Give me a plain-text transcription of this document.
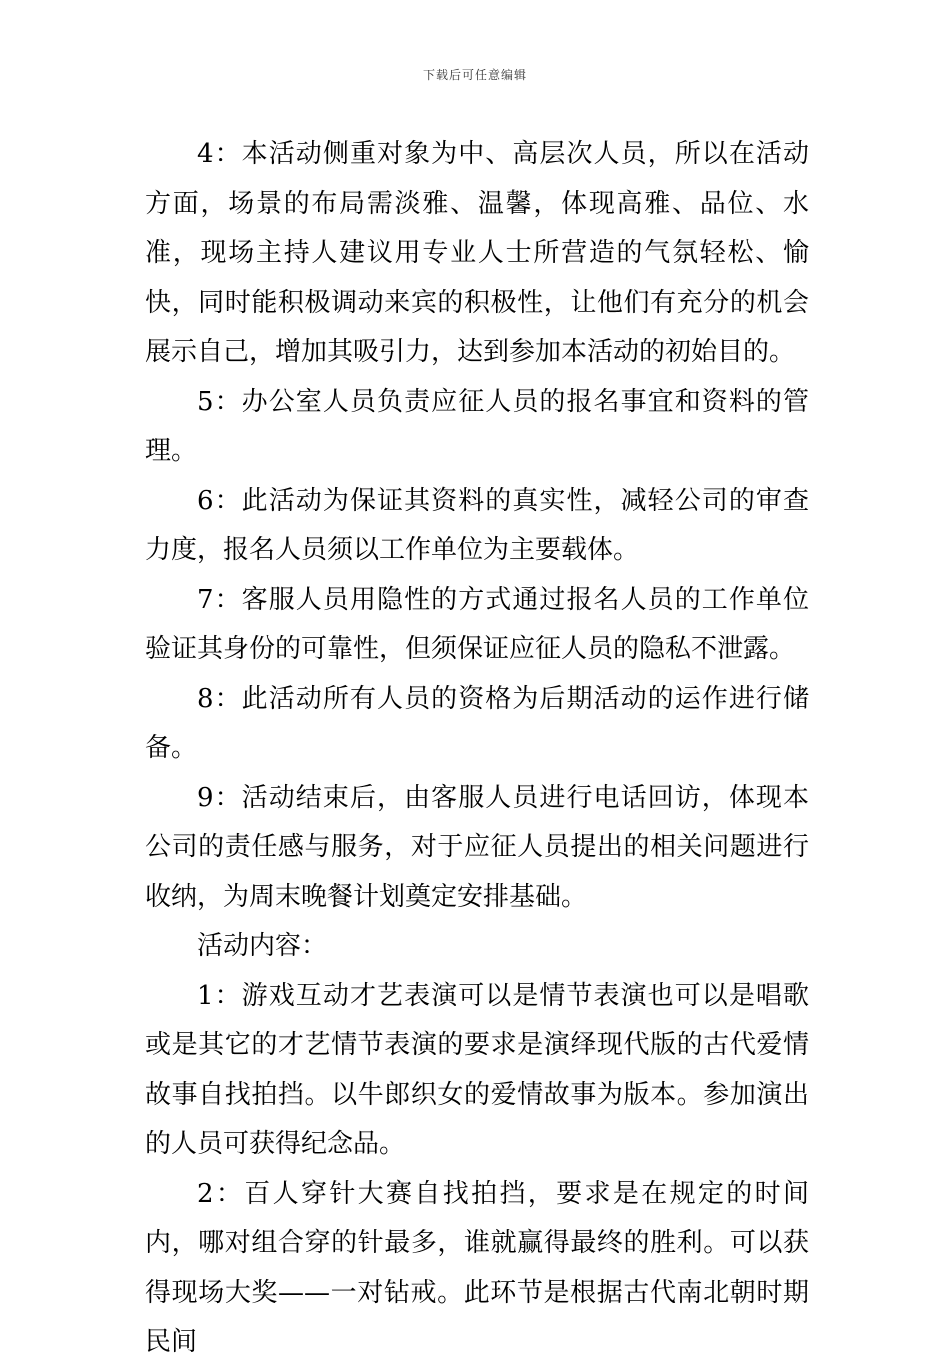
下载后可任意编辑

4：本活动侧重对象为中、高层次人员，所以在活动方面，场景的布局需淡雅、温馨，体现高雅、品位、水准，现场主持人建议用专业人士所营造的气氛轻松、愉快，同时能积极调动来宾的积极性，让他们有充分的机会展示自己，增加其吸引力，达到参加本活动的初始目的。

5：办公室人员负责应征人员的报名事宜和资料的管理。

6：此活动为保证其资料的真实性，减轻公司的审查力度，报名人员须以工作单位为主要载体。

7：客服人员用隐性的方式通过报名人员的工作单位验证其身份的可靠性，但须保证应征人员的隐私不泄露。

8：此活动所有人员的资格为后期活动的运作进行储备。

9：活动结束后，由客服人员进行电话回访，体现本公司的责任感与服务，对于应征人员提出的相关问题进行收纳，为周末晚餐计划奠定安排基础。

活动内容：

1：游戏互动才艺表演可以是情节表演也可以是唱歌或是其它的才艺情节表演的要求是演绎现代版的古代爱情故事自找拍挡。以牛郎织女的爱情故事为版本。参加演出的人员可获得纪念品。

2：百人穿针大赛自找拍挡，要求是在规定的时间内，哪对组合穿的针最多，谁就赢得最终的胜利。可以获得现场大奖——一对钻戒。此环节是根据古代南北朝时期民间
